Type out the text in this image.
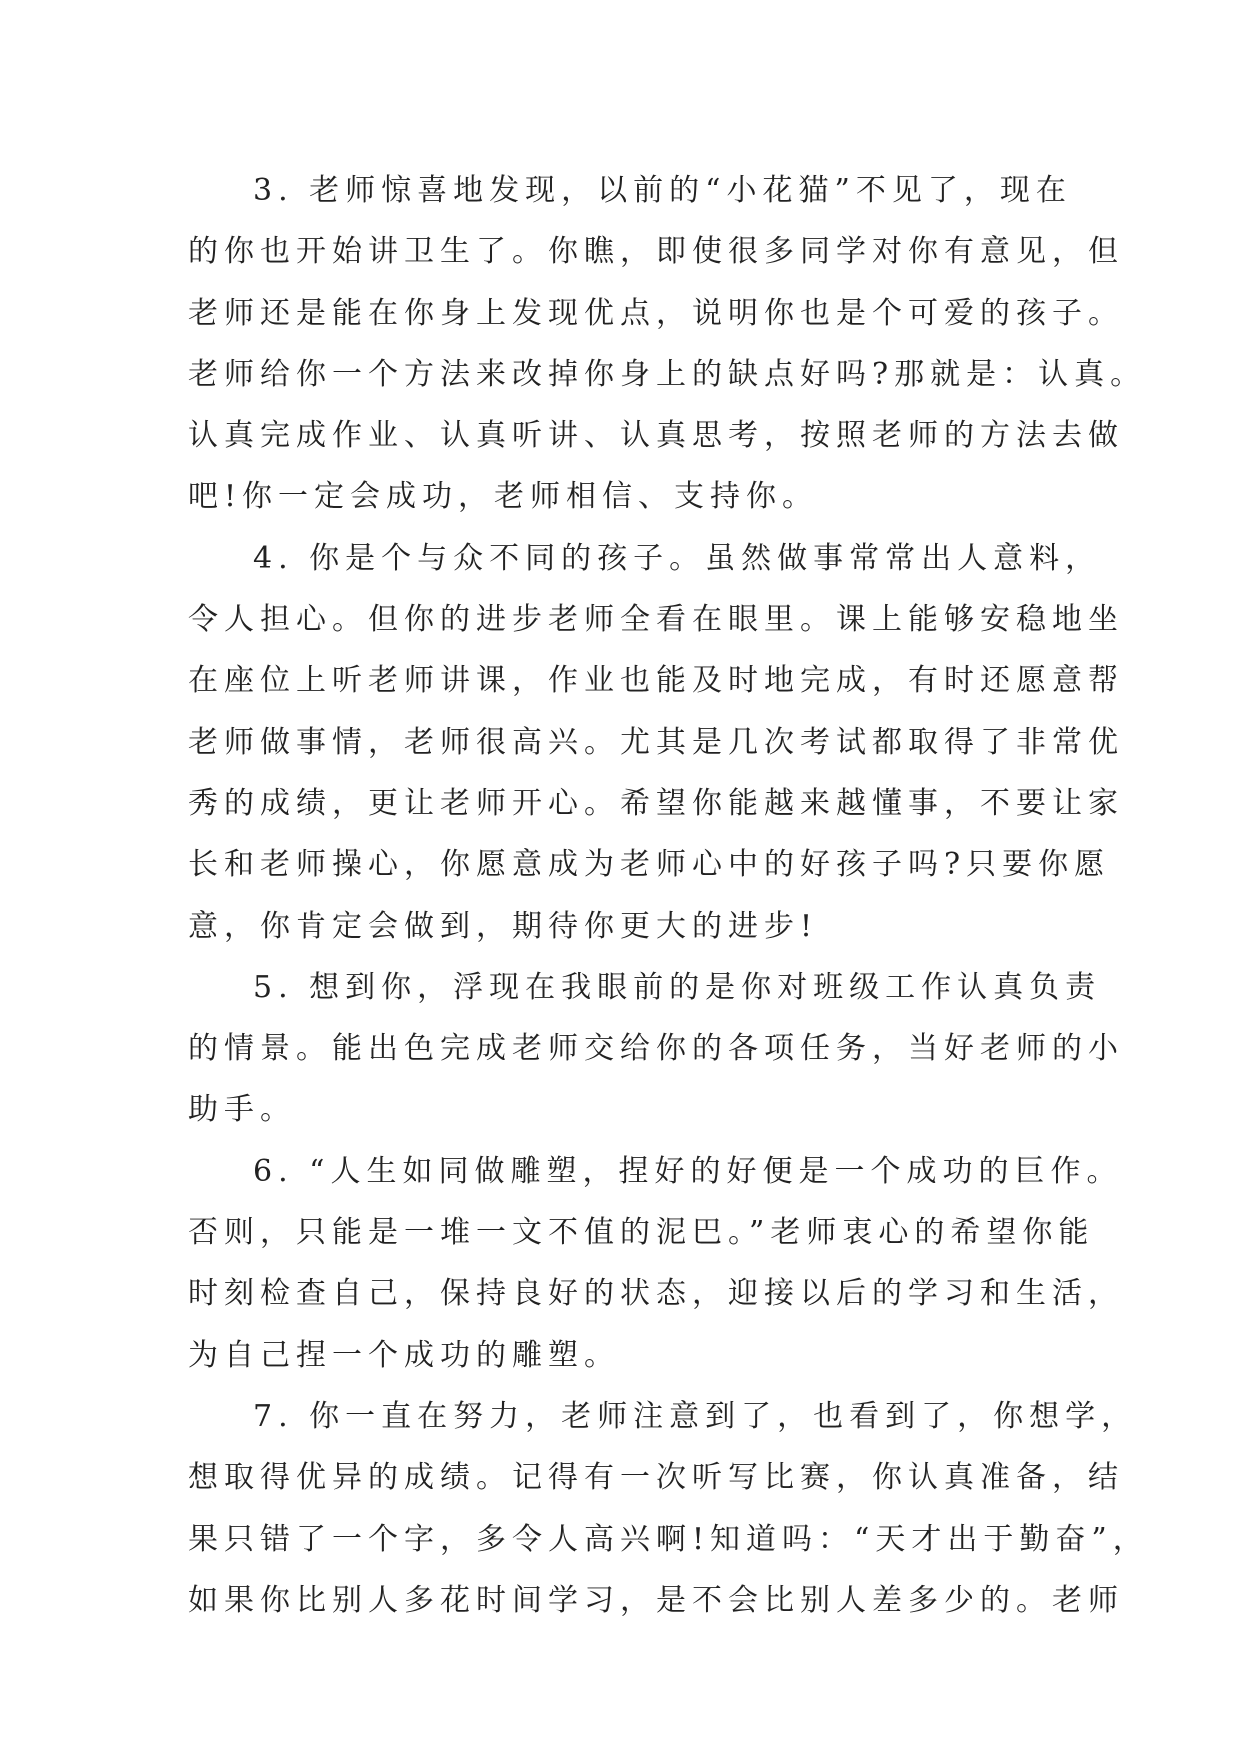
3. 老师惊喜地发现，以前的“小花猫”不见了，现在
的你也开始讲卫生了。你瞧，即使很多同学对你有意见，但
老师还是能在你身上发现优点，说明你也是个可爱的孩子。
老师给你一个方法来改掉你身上的缺点好吗?那就是：认真。
认真完成作业、认真听讲、认真思考，按照老师的方法去做
吧!你一定会成功，老师相信、支持你。
4. 你是个与众不同的孩子。虽然做事常常出人意料，
令人担心。但你的进步老师全看在眼里。课上能够安稳地坐
在座位上听老师讲课，作业也能及时地完成，有时还愿意帮
老师做事情，老师很高兴。尤其是几次考试都取得了非常优
秀的成绩，更让老师开心。希望你能越来越懂事，不要让家
长和老师操心，你愿意成为老师心中的好孩子吗?只要你愿
意，你肯定会做到，期待你更大的进步!
5. 想到你，浮现在我眼前的是你对班级工作认真负责
的情景。能出色完成老师交给你的各项任务，当好老师的小
助手。
6. “人生如同做雕塑，捏好的好便是一个成功的巨作。
否则，只能是一堆一文不值的泥巴。”老师衷心的希望你能
时刻检查自己，保持良好的状态，迎接以后的学习和生活，
为自己捏一个成功的雕塑。
7. 你一直在努力，老师注意到了，也看到了，你想学，
想取得优异的成绩。记得有一次听写比赛，你认真准备，结
果只错了一个字，多令人高兴啊!知道吗：“天才出于勤奋”，
如果你比别人多花时间学习，是不会比别人差多少的。老师
